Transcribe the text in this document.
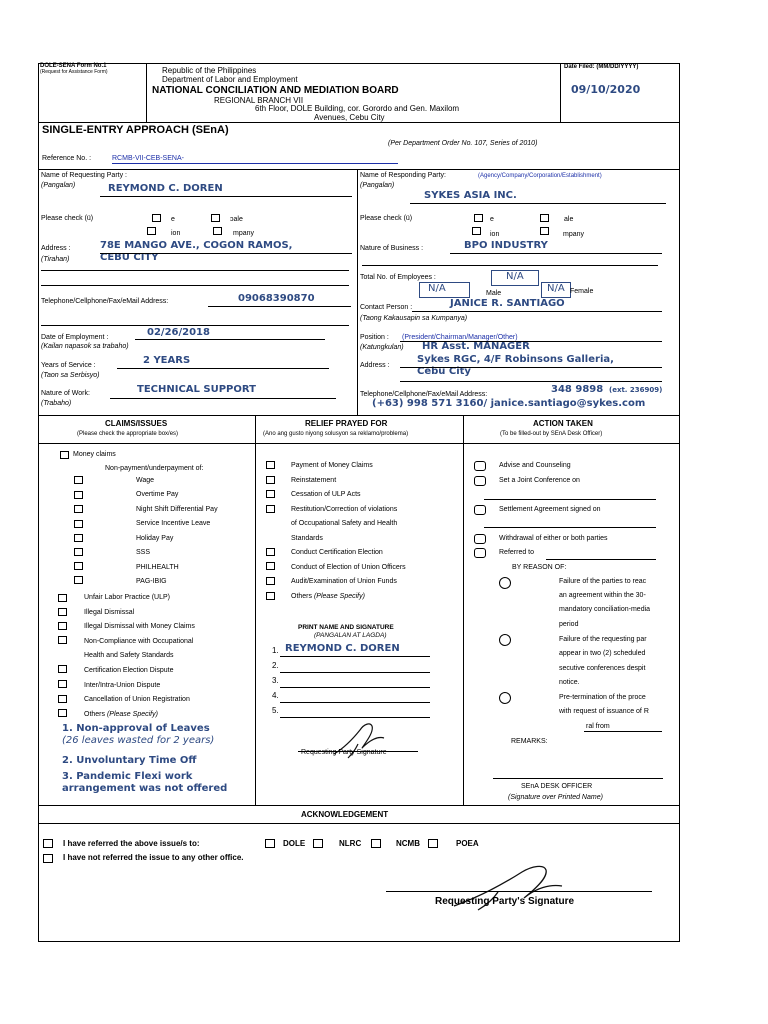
DOLE-SENA Form No.1
(Request for Assistance Form)	Republic of the Philippines
Department of Labor and Employment
NATIONAL CONCILIATION AND MEDIATION BOARD
REGIONAL BRANCH VII
6th Floor, DOLE Building, cor. Gorordo and Gen. Maxilom
Avenues, Cebu City
Date Filed: (MM/DD/YYYY)
09/10/2020
SINGLE-ENTRY APPROACH (SEnA)
(Per Department Order No. 107, Series of 2010)
Reference No. :	RCMB-VII-CEB-SENA-
Name of Requesting Party :
(Pangalan)	REYMOND C. DOREN
Please check (ü)	e	ↄale
ion	mpany
Address :
(Tirahan)
78E MANGO AVE., COGON RAMOS,
CEBU CITY
Telephone/Cellphone/Fax/eMail Address:	09068390870
Date of Employment :
(Kailan napasok sa trabaho)
02/26/2018
Years of Service :
(Taon sa Serbisyo)
2 YEARS
Nature of Work:
(Trabaho)
TECHNICAL SUPPORT
Name of Responding Party:	(Agency/Company/Corporation/Establishment)
(Pangalan)
SYKES ASIA INC.
Please check (ü)	e	ale
ion	mpany
Nature of Business :	BPO INDUSTRY
Total No. of Employees :	N/A
N/A	Male	N/A Female
Contact Person :	JANICE R. SANTIAGO
(Taong Kakausapin sa Kumpanya)
Position : (President/Chairman/Manager/Other)
(Katungkulan) HR Asst. MANAGER
Address :
Sykes RGC, 4/F Robinsons Galleria,
Cebu City
Telephone/Cellphone/Fax/eMail Address:	348 9898 (ext. 236909)
(+63) 998 571 3160/ janice.santiago@sykes.com
CLAIMS/ISSUES
(Please check the appropriate box/es)
RELIEF PRAYED FOR
(Ano ang gusto niyong solusyon sa reklamo/problema)
ACTION TAKEN
(To be filled-out by SEnA Desk Officer)
Money claims
Non-payment/underpayment of:
Wage
Overtime Pay
Night Shift Differential Pay
Service Incentive Leave
Holiday Pay
SSS
PHILHEALTH
PAG-IBIG
Unfair Labor Practice (ULP)
Illegal Dismissal
Illegal Dismissal with Money Claims
Non-Compliance with Occupational
Health and Safety Standards
Certification Election Dispute
Inter/Intra-Union Dispute
Cancellation of Union Registration
Others (Please Specify)
1. Non-approval of Leaves
(26 leaves wasted for 2 years)
2. Unvoluntary Time Off
3. Pandemic Flexi work
arrangement was not offered
Payment of Money Claims
Reinstatement
Cessation of ULP Acts
Restitution/Correction of violations
of Occupational Safety and Health
Standards
Conduct Certification Election
Conduct of Election of Union Officers
Audit/Examination of Union Funds
Others (Please Specify)
PRINT NAME AND SIGNATURE
(PANGALAN AT LAGDA)
1. REYMOND C. DOREN
2.
3.
4.
5.
Requesting Party Signature
Advise and Counseling
Set a Joint Conference on
Settlement Agreement signed on
Withdrawal of either or both parties
Referred to
BY REASON OF:
Failure of the parties to reac
an agreement within the 30-
mandatory conciliation-media
period
Failure of the requesting par
appear in two (2) scheduled
secutive conferences despit
notice.
Pre-termination of the proce
with request of issuance of R
ral from
REMARKS:
SEnA DESK OFFICER
(Signature over Printed Name)
ACKNOWLEDGEMENT
I have referred the above issue/s to:	DOLE	NLRC	NCMB	POEA
I have not referred the issue to any other office.
Requesting Party's Signature
